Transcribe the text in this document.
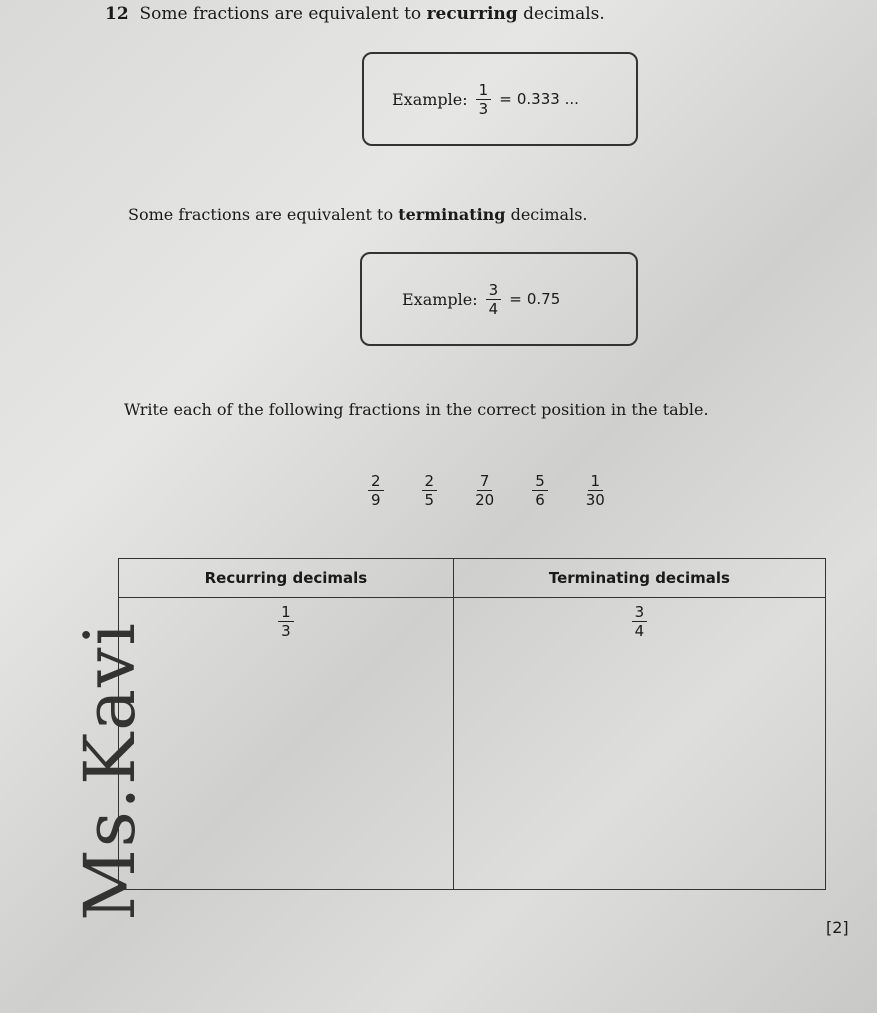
12 Some fractions are equivalent to recurring decimals.
Example: $\frac{1}{3}$ =
0.333 ...
Some fractions are equivalent to terminating decimals.
Example: $\frac{3}{4}$ =
0.75
Write each of the following fractions in the correct position in the table.
$\frac{2}{9}$	$\frac{2}{5}$	$\frac{7}{20}$	$\frac{5}{6}$	$\frac{1}{30}$
Recurring decimals	Terminating decimals

$\frac{1}{3}$	$\frac{3}{4}$
[2]
Ms.Kavi
